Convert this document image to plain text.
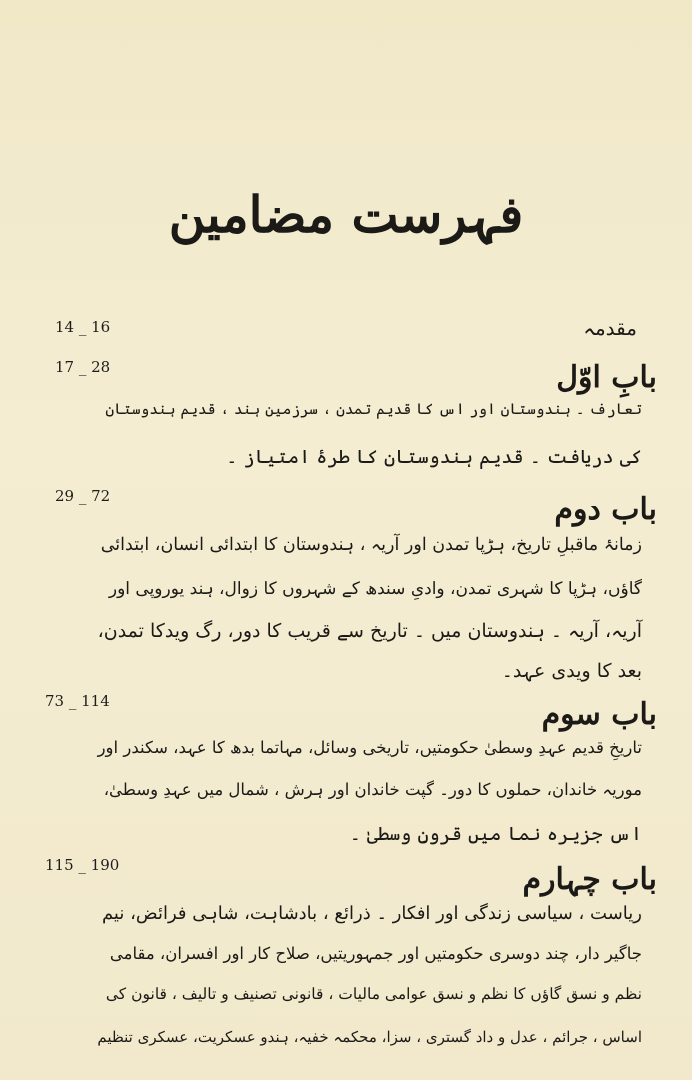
فہرست مضامین
14 _ 16	مقدمہ
17 _ 28	بابِ اوّل
تعارف ۔ ہندوستان اور اس کا قدیم تمدن ، سرزمینِ ہند ، قدیم ہندوستان
کی دریافت ۔ قدیم ہندوستان کا طرۂ امتیاز ۔
29 _ 72	باب دوم
زمانۂ ماقبلِ تاریخ، ہڑپا تمدن اور آریہ ، ہندوستان کا ابتدائی انسان، ابتدائی
گاؤں، ہڑپا کا شہری تمدن، وادیِ سندھ کے شہروں کا زوال، ہند یوروپی اور
آریہ، آریہ ۔ ہندوستان میں ۔ تاریخ سے قریب کا دور، رگ ویدکا تمدن،
بعد کا ویدی عہد۔
73 _ 114	باب سوم
تاریخِ قدیم عہدِ وسطیٰ حکومتیں، تاریخی وسائل، مہاتما بدھ کا عہد، سکندر اور
موریہ خاندان، حملوں کا دور۔ گپت خاندان اور ہرش ، شمال میں عہدِ وسطیٰ،
اس جزیرہ نما میں قرونِ وسطیٰ ۔
115 _ 190	باب چہارم
ریاست ، سیاسی زندگی اور افکار ۔ ذرائع ، بادشاہت، شاہی فرائض، نیم
جاگیر دار، چند دوسری حکومتیں اور جمہوریتیں، صلاح کار اور افسران، مقامی
نظم و نسق گاؤں کا نظم و نسق عوامی مالیات ، قانونی تصنیف و تالیف ، قانون کی
اساس ، جرائم ، عدل و داد گستری ، سزا، محکمہ خفیہ، ہندو عسکریت، عسکری تنظیم
